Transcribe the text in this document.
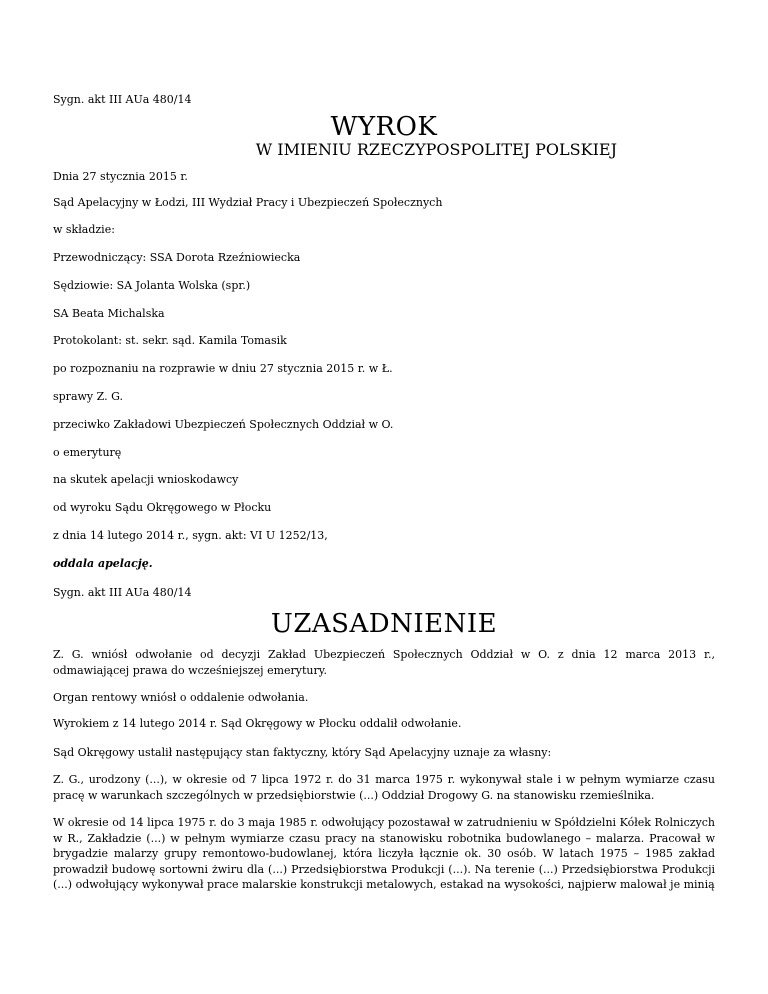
Sygn. akt III AUa 480/14

WYROK
W IMIENIU RZECZYPOSPOLITEJ POLSKIEJ

Dnia 27 stycznia 2015 r.

Sąd Apelacyjny w Łodzi, III Wydział Pracy i Ubezpieczeń Społecznych

w składzie:

Przewodniczący: SSA Dorota Rzeźniowiecka

Sędziowie: SA Jolanta Wolska (spr.)

SA Beata Michalska

Protokolant: st. sekr. sąd. Kamila Tomasik

po rozpoznaniu na rozprawie w dniu 27 stycznia 2015 r. w Ł.

sprawy Z. G.

przeciwko Zakładowi Ubezpieczeń Społecznych Oddział w O.

o emeryturę

na skutek apelacji wnioskodawcy

od wyroku Sądu Okręgowego w Płocku

z dnia 14 lutego 2014 r., sygn. akt: VI U 1252/13,

oddala apelację.

Sygn. akt III AUa 480/14

UZASADNIENIE

Z. G. wniósł odwołanie od decyzji Zakład Ubezpieczeń Społecznych Oddział w O. z dnia 12 marca 2013 r., odmawiającej prawa do wcześniejszej emerytury.

Organ rentowy wniósł o oddalenie odwołania.

Wyrokiem z 14 lutego 2014 r. Sąd Okręgowy w Płocku oddalił odwołanie.

Sąd Okręgowy ustalił następujący stan faktyczny, który Sąd Apelacyjny uznaje za własny:

Z. G., urodzony (...), w okresie od 7 lipca 1972 r. do 31 marca 1975 r. wykonywał stale i w pełnym wymiarze czasu pracę w warunkach szczególnych w przedsiębiorstwie (...) Oddział Drogowy G. na stanowisku rzemieślnika.

W okresie od 14 lipca 1975 r. do 3 maja 1985 r. odwołujący pozostawał w zatrudnieniu w Spółdzielni Kółek Rolniczych w R., Zakładzie (...) w pełnym wymiarze czasu pracy na stanowisku robotnika budowlanego – malarza. Pracował w brygadzie malarzy grupy remontowo-budowlanej, która liczyła łącznie ok. 30 osób. W latach 1975 – 1985 zakład prowadził budowę sortowni żwiru dla (...) Przedsiębiorstwa Produkcji (...). Na terenie (...) Przedsiębiorstwa Produkcji (...) odwołujący wykonywał prace malarskie konstrukcji metalowych, estakad na wysokości, najpierw malował je minią
